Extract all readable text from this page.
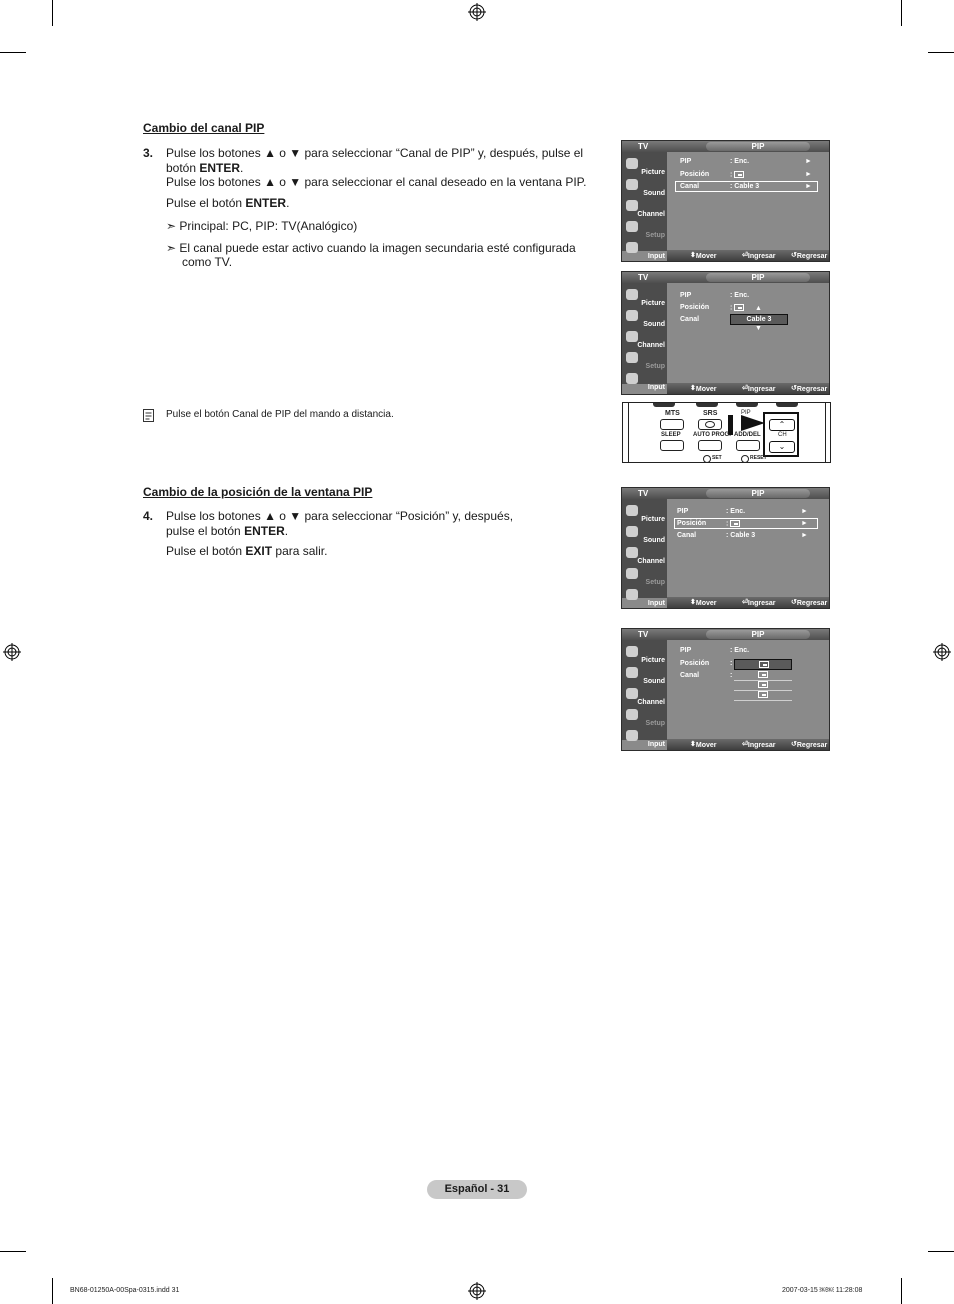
Cambio del canal PIP
3. Pulse los botones ▲ o ▼ para seleccionar “Canal de PIP” y, después, pulse el
botón ENTER.
Pulse los botones ▲ o ▼ para seleccionar el canal deseado en la ventana PIP.
Pulse el botón ENTER.
➣ Principal: PC, PIP: TV(Analógico)
➣ El canal puede estar activo cuando la imagen secundaria esté configurada
como TV.
Pulse el botón Canal de PIP del mando a distancia.
TV	PIP
Picture
Sound
Channel
Setup
Input
PIP	: Enc.	►
Posición	:	►
Canal	: Cable 3	►
⬍ Mover	⏎ Ingresar ↺ Regresar
TV	PIP
Picture
Sound
Channel
Setup
Input
PIP	: Enc.
Posición	:	▲
Canal	Cable 3
▼
⬍ Mover	⏎ Ingresar ↺ Regresar
MTS	SRS	PIP
⌃
CH
⌄
SLEEP AUTO PROG. ADD/DEL
SET	RESET
Cambio de la posición de la ventana PIP
4. Pulse los botones ▲ o ▼ para seleccionar “Posición” y, después,
pulse el botón ENTER.
Pulse el botón EXIT para salir.
TV	PIP
Picture
Sound
Channel
Setup
Input
PIP	: Enc.	►
Posición	:	►
Canal	: Cable 3	►
⬍ Mover	⏎ Ingresar ↺ Regresar
TV	PIP
Picture
Sound
Channel
Setup
Input
PIP	: Enc.
Posición	:
Canal	:
⬍ Mover	⏎ Ingresar ↺ Regresar
Español - 31
BN68-01250A-00Spa-0315.indd 31	2007-03-15 ￼￼ 11:28:08
